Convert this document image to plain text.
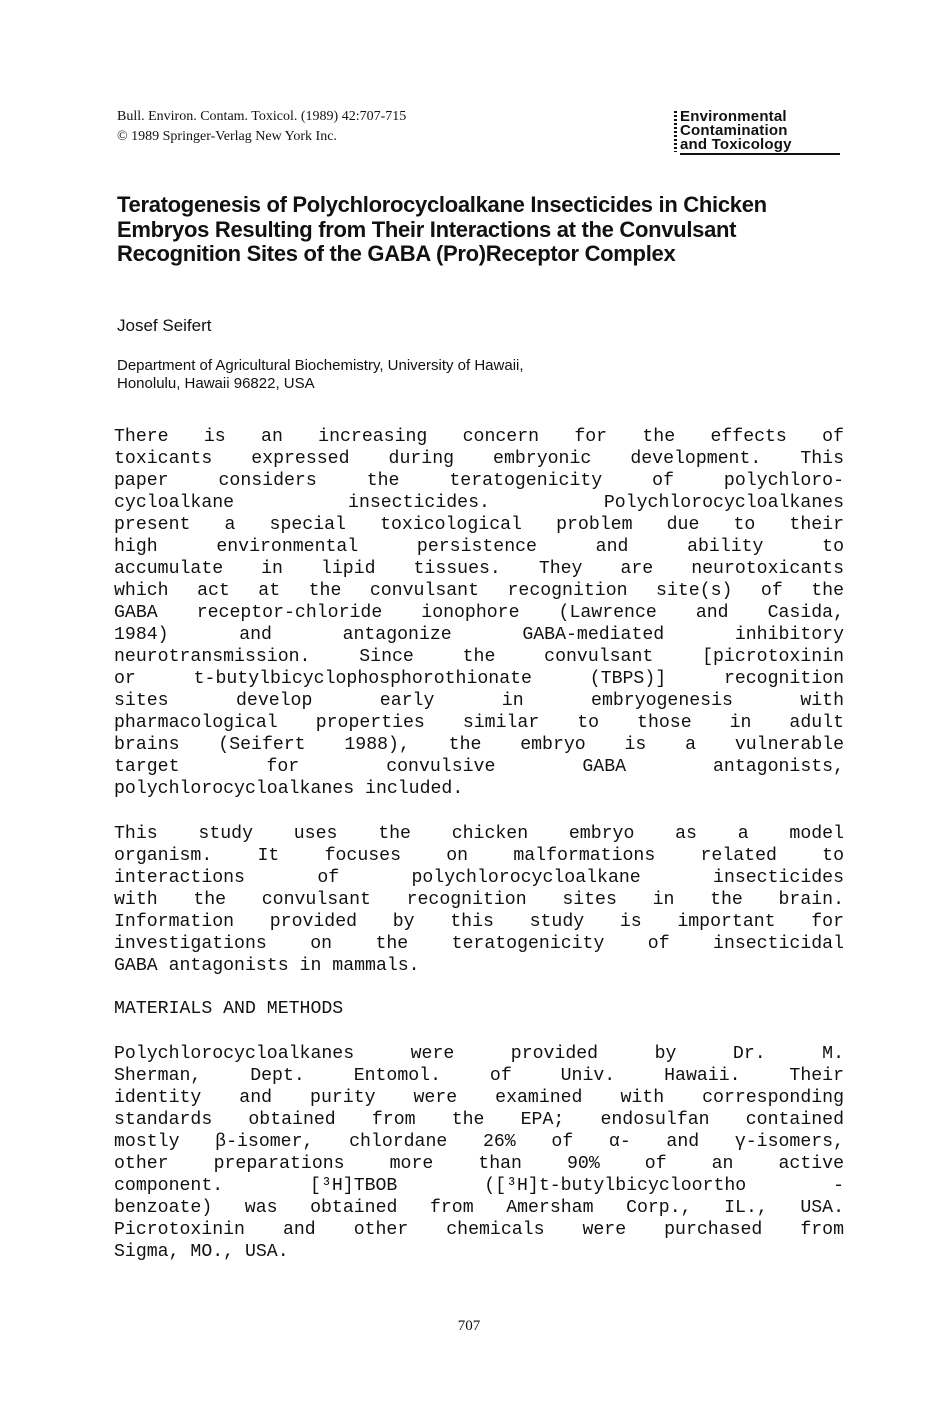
Bull. Environ. Contam. Toxicol. (1989) 42:707-715
© 1989 Springer-Verlag New York Inc.
Environmental
Contamination
and Toxicology
Teratogenesis of Polychlorocycloalkane Insecticides in Chicken Embryos Resulting from Their Interactions at the Convulsant Recognition Sites of the GABA (Pro)Receptor Complex
Josef Seifert
Department of Agricultural Biochemistry, University of Hawaii,
Honolulu, Hawaii 96822, USA
There is an increasing concern for the effects of
toxicants expressed during embryonic development. This
paper considers the teratogenicity of polychloro-
cycloalkane insecticides. Polychlorocycloalkanes
present a special toxicological problem due to their
high environmental persistence and ability to
accumulate in lipid tissues. They are neurotoxicants
which act at the convulsant recognition site(s) of the
GABA receptor-chloride ionophore (Lawrence and Casida,
1984) and antagonize GABA-mediated inhibitory
neurotransmission. Since the convulsant [picrotoxinin
or t-butylbicyclophosphorothionate (TBPS)] recognition
sites develop early in embryogenesis with
pharmacological properties similar to those in adult
brains (Seifert 1988), the embryo is a vulnerable
target for convulsive GABA antagonists,
polychlorocycloalkanes included.
This study uses the chicken embryo as a model
organism. It focuses on malformations related to
interactions of polychlorocycloalkane insecticides
with the convulsant recognition sites in the brain.
Information provided by this study is important for
investigations on the teratogenicity of insecticidal
GABA antagonists in mammals.
MATERIALS AND METHODS
Polychlorocycloalkanes were provided by Dr. M.
Sherman, Dept. Entomol. of Univ. Hawaii. Their
identity and purity were examined with corresponding
standards obtained from the EPA; endosulfan contained
mostly β-isomer, chlordane 26% of α- and γ-isomers,
other preparations more than 90% of an active
component. [³H]TBOB ([³H]t-butylbicycloortho -
benzoate) was obtained from Amersham Corp., IL., USA.
Picrotoxinin and other chemicals were purchased from
Sigma, MO., USA.
707
